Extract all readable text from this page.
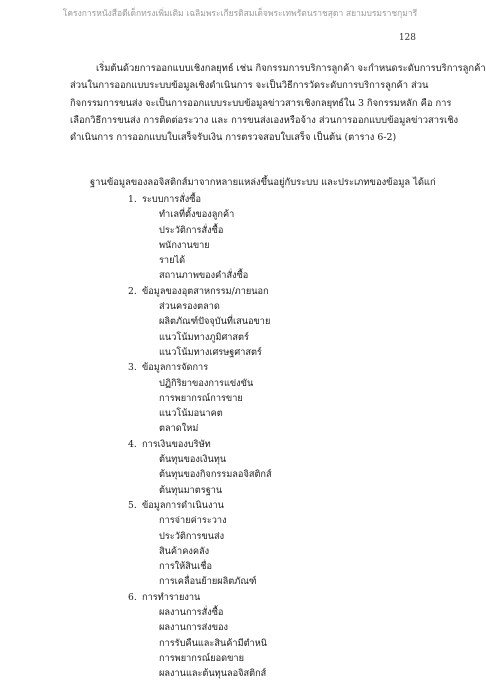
โครงการหนังสือดีเด็กทรงเพิ่มเติม เฉลิมพระเกียรติสมเด็จพระเทพรัตนราชสุดา สยามบรมราชกุมารี
128
เริ่มต้นด้วยการออกแบบเชิงกลยุทธ์ เช่น กิจกรรมการบริการลูกค้า จะกำหนดระดับการบริการลูกค้า
ส่วนในการออกแบบระบบข้อมูลเชิงดำเนินการ จะเป็นวิธีการวัดระดับการบริการลูกค้า ส่วน
กิจกรรมการขนส่ง จะเป็นการออกแบบระบบข้อมูลข่าวสารเชิงกลยุทธ์ใน 3 กิจกรรมหลัก คือ การ
เลือกวิธีการขนส่ง การติดต่อระวาง และ การขนส่งเองหรือจ้าง ส่วนการออกแบบข้อมูลข่าวสารเชิง
ดำเนินการ การออกแบบใบเสร็จรับเงิน การตรวจสอบใบเสร็จ เป็นต้น (ตาราง 6-2)
ฐานข้อมูลของลอจิสติกส์มาจากหลายแหล่งขึ้นอยู่กับระบบ และประเภทของข้อมูล ได้แก่
1. ระบบการสั่งซื้อ
ทำเลที่ตั้งของลูกค้า
ประวัติการสั่งซื้อ
พนักงานขาย
รายได้
สถานภาพของคำสั่งซื้อ
2. ข้อมูลของอุตสาหกรรม/ภายนอก
ส่วนครองตลาด
ผลิตภัณฑ์ปัจจุบันที่เสนอขาย
แนวโน้มทางภูมิศาสตร์
แนวโน้มทางเศรษฐศาสตร์
3. ข้อมูลการจัดการ
ปฏิกิริยาของการแข่งขัน
การพยากรณ์การขาย
แนวโน้มอนาคต
ตลาดใหม่
4. การเงินของบริษัท
ต้นทุนของเงินทุน
ต้นทุนของกิจกรรมลอจิสติกส์
ต้นทุนมาตรฐาน
5. ข้อมูลการดำเนินงาน
การจ่ายค่าระวาง
ประวัติการขนส่ง
สินค้าคงคลัง
การให้สินเชื่อ
การเคลื่อนย้ายผลิตภัณฑ์
6. การทำรายงาน
ผลงานการสั่งซื้อ
ผลงานการส่งของ
การรับคืนและสินค้ามีตำหนิ
การพยากรณ์ยอดขาย
ผลงานและต้นทุนลอจิสติกส์
